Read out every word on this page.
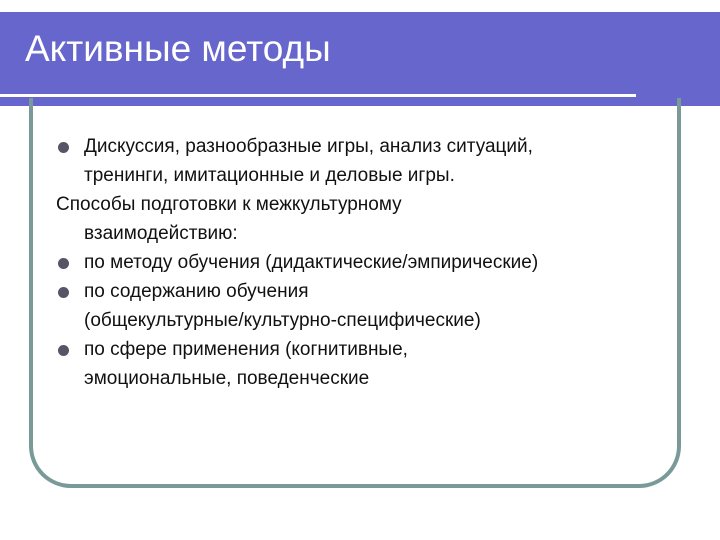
Активные методы
Дискуссия, разнообразные игры, анализ ситуаций,
тренинги, имитационные и деловые игры.
Способы подготовки к межкультурному
взаимодействию:
по методу обучения (дидактические/эмпирические)
по содержанию обучения
(общекультурные/культурно-специфические)
по сфере применения (когнитивные,
эмоциональные, поведенческие
